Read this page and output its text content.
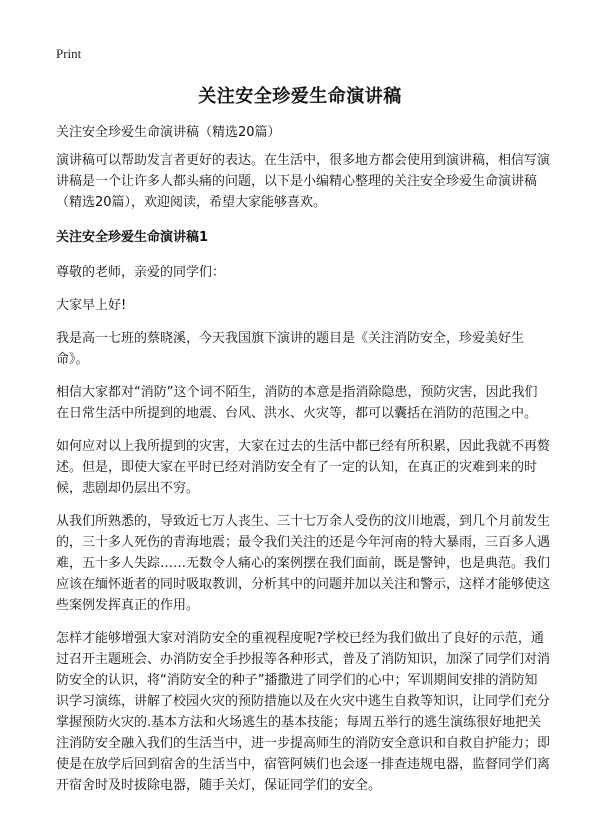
Print
关注安全珍爱生命演讲稿
关注安全珍爱生命演讲稿（精选20篇）

演讲稿可以帮助发言者更好的表达。在生活中，很多地方都会使用到演讲稿，相信写演讲稿是一个让许多人都头痛的问题，以下是小编精心整理的关注安全珍爱生命演讲稿（精选20篇），欢迎阅读，希望大家能够喜欢。

关注安全珍爱生命演讲稿1

尊敬的老师，亲爱的同学们：

大家早上好!

我是高一七班的蔡晓溪，今天我国旗下演讲的题目是《关注消防安全，珍爱美好生命》。

相信大家都对“消防”这个词不陌生，消防的本意是指消除隐患，预防灾害，因此我们在日常生活中所提到的地震、台风、洪水、火灾等，都可以囊括在消防的范围之中。

如何应对以上我所提到的灾害，大家在过去的生活中都已经有所积累，因此我就不再赘述。但是，即使大家在平时已经对消防安全有了一定的认知，在真正的灾难到来的时候，悲剧却仍层出不穷。

从我们所熟悉的，导致近七万人丧生、三十七万余人受伤的汶川地震，到几个月前发生的，三十多人死伤的青海地震；最令我们关注的还是今年河南的特大暴雨，三百多人遇难，五十多人失踪……无数令人痛心的案例摆在我们面前，既是警钟，也是典范。我们应该在缅怀逝者的同时吸取教训，分析其中的问题并加以关注和警示，这样才能够使这些案例发挥真正的作用。

怎样才能够增强大家对消防安全的重视程度呢?学校已经为我们做出了良好的示范，通过召开主题班会、办消防安全手抄报等各种形式，普及了消防知识，加深了同学们对消防安全的认识，将“消防安全的种子”播撒进了同学们的心中；军训期间安排的消防知识学习演练，讲解了校园火灾的预防措施以及在火灾中逃生自救等知识，让同学们充分掌握预防火灾的.基本方法和火场逃生的基本技能；每周五举行的逃生演练很好地把关注消防安全融入我们的生活当中，进一步提高师生的消防安全意识和自救自护能力；即使是在放学后回到宿舍的生活当中，宿管阿姨们也会逐一排查违规电器，监督同学们离开宿舍时及时拔除电器，随手关灯，保证同学们的安全。
